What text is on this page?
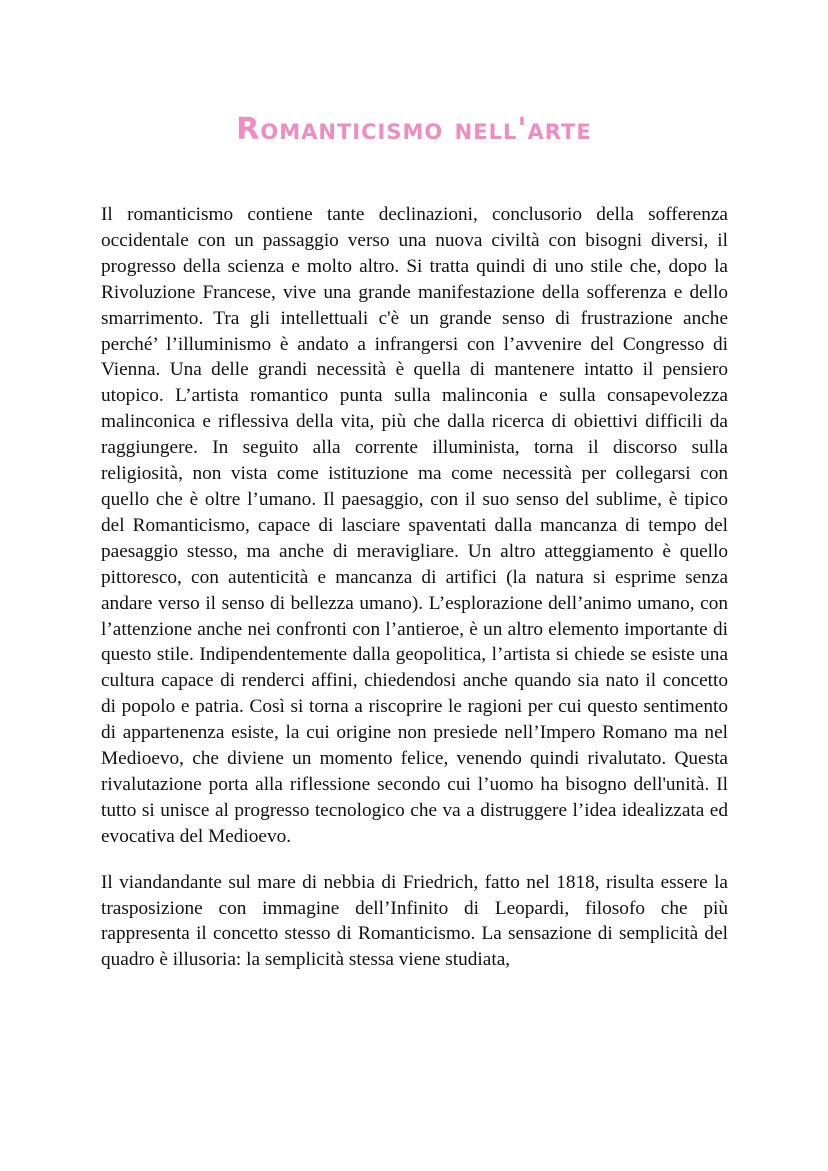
Romanticismo nell'arte

Il romanticismo contiene tante declinazioni, conclusorio della sofferenza occidentale con un passaggio verso una nuova civiltà con bisogni diversi, il progresso della scienza e molto altro. Si tratta quindi di uno stile che, dopo la Rivoluzione Francese, vive una grande manifestazione della sofferenza e dello smarrimento. Tra gli intellettuali c'è un grande senso di frustrazione anche perché’ l’illuminismo è andato a infrangersi con l’avvenire del Congresso di Vienna. Una delle grandi necessità è quella di mantenere intatto il pensiero utopico. L’artista romantico punta sulla malinconia e sulla consapevolezza malinconica e riflessiva della vita, più che dalla ricerca di obiettivi difficili da raggiungere. In seguito alla corrente illuminista, torna il discorso sulla religiosità, non vista come istituzione ma come necessità per collegarsi con quello che è oltre l’umano. Il paesaggio, con il suo senso del sublime, è tipico del Romanticismo, capace di lasciare spaventati dalla mancanza di tempo del paesaggio stesso, ma anche di meravigliare. Un altro atteggiamento è quello pittoresco, con autenticità e mancanza di artifici (la natura si esprime senza andare verso il senso di bellezza umano). L’esplorazione dell’animo umano, con l’attenzione anche nei confronti con l’antieroe, è un altro elemento importante di questo stile. Indipendentemente dalla geopolitica, l’artista si chiede se esiste una cultura capace di renderci affini, chiedendosi anche quando sia nato il concetto di popolo e patria. Così si torna a riscoprire le ragioni per cui questo sentimento di appartenenza esiste, la cui origine non presiede nell’Impero Romano ma nel Medioevo, che diviene un momento felice, venendo quindi rivalutato. Questa rivalutazione porta alla riflessione secondo cui l’uomo ha bisogno dell'unità. Il tutto si unisce al progresso tecnologico che va a distruggere l’idea idealizzata ed evocativa del Medioevo.

Il viandandante sul mare di nebbia di Friedrich, fatto nel 1818, risulta essere la trasposizione con immagine dell’Infinito di Leopardi, filosofo che più rappresenta il concetto stesso di Romanticismo. La sensazione di semplicità del quadro è illusoria: la semplicità stessa viene studiata,
